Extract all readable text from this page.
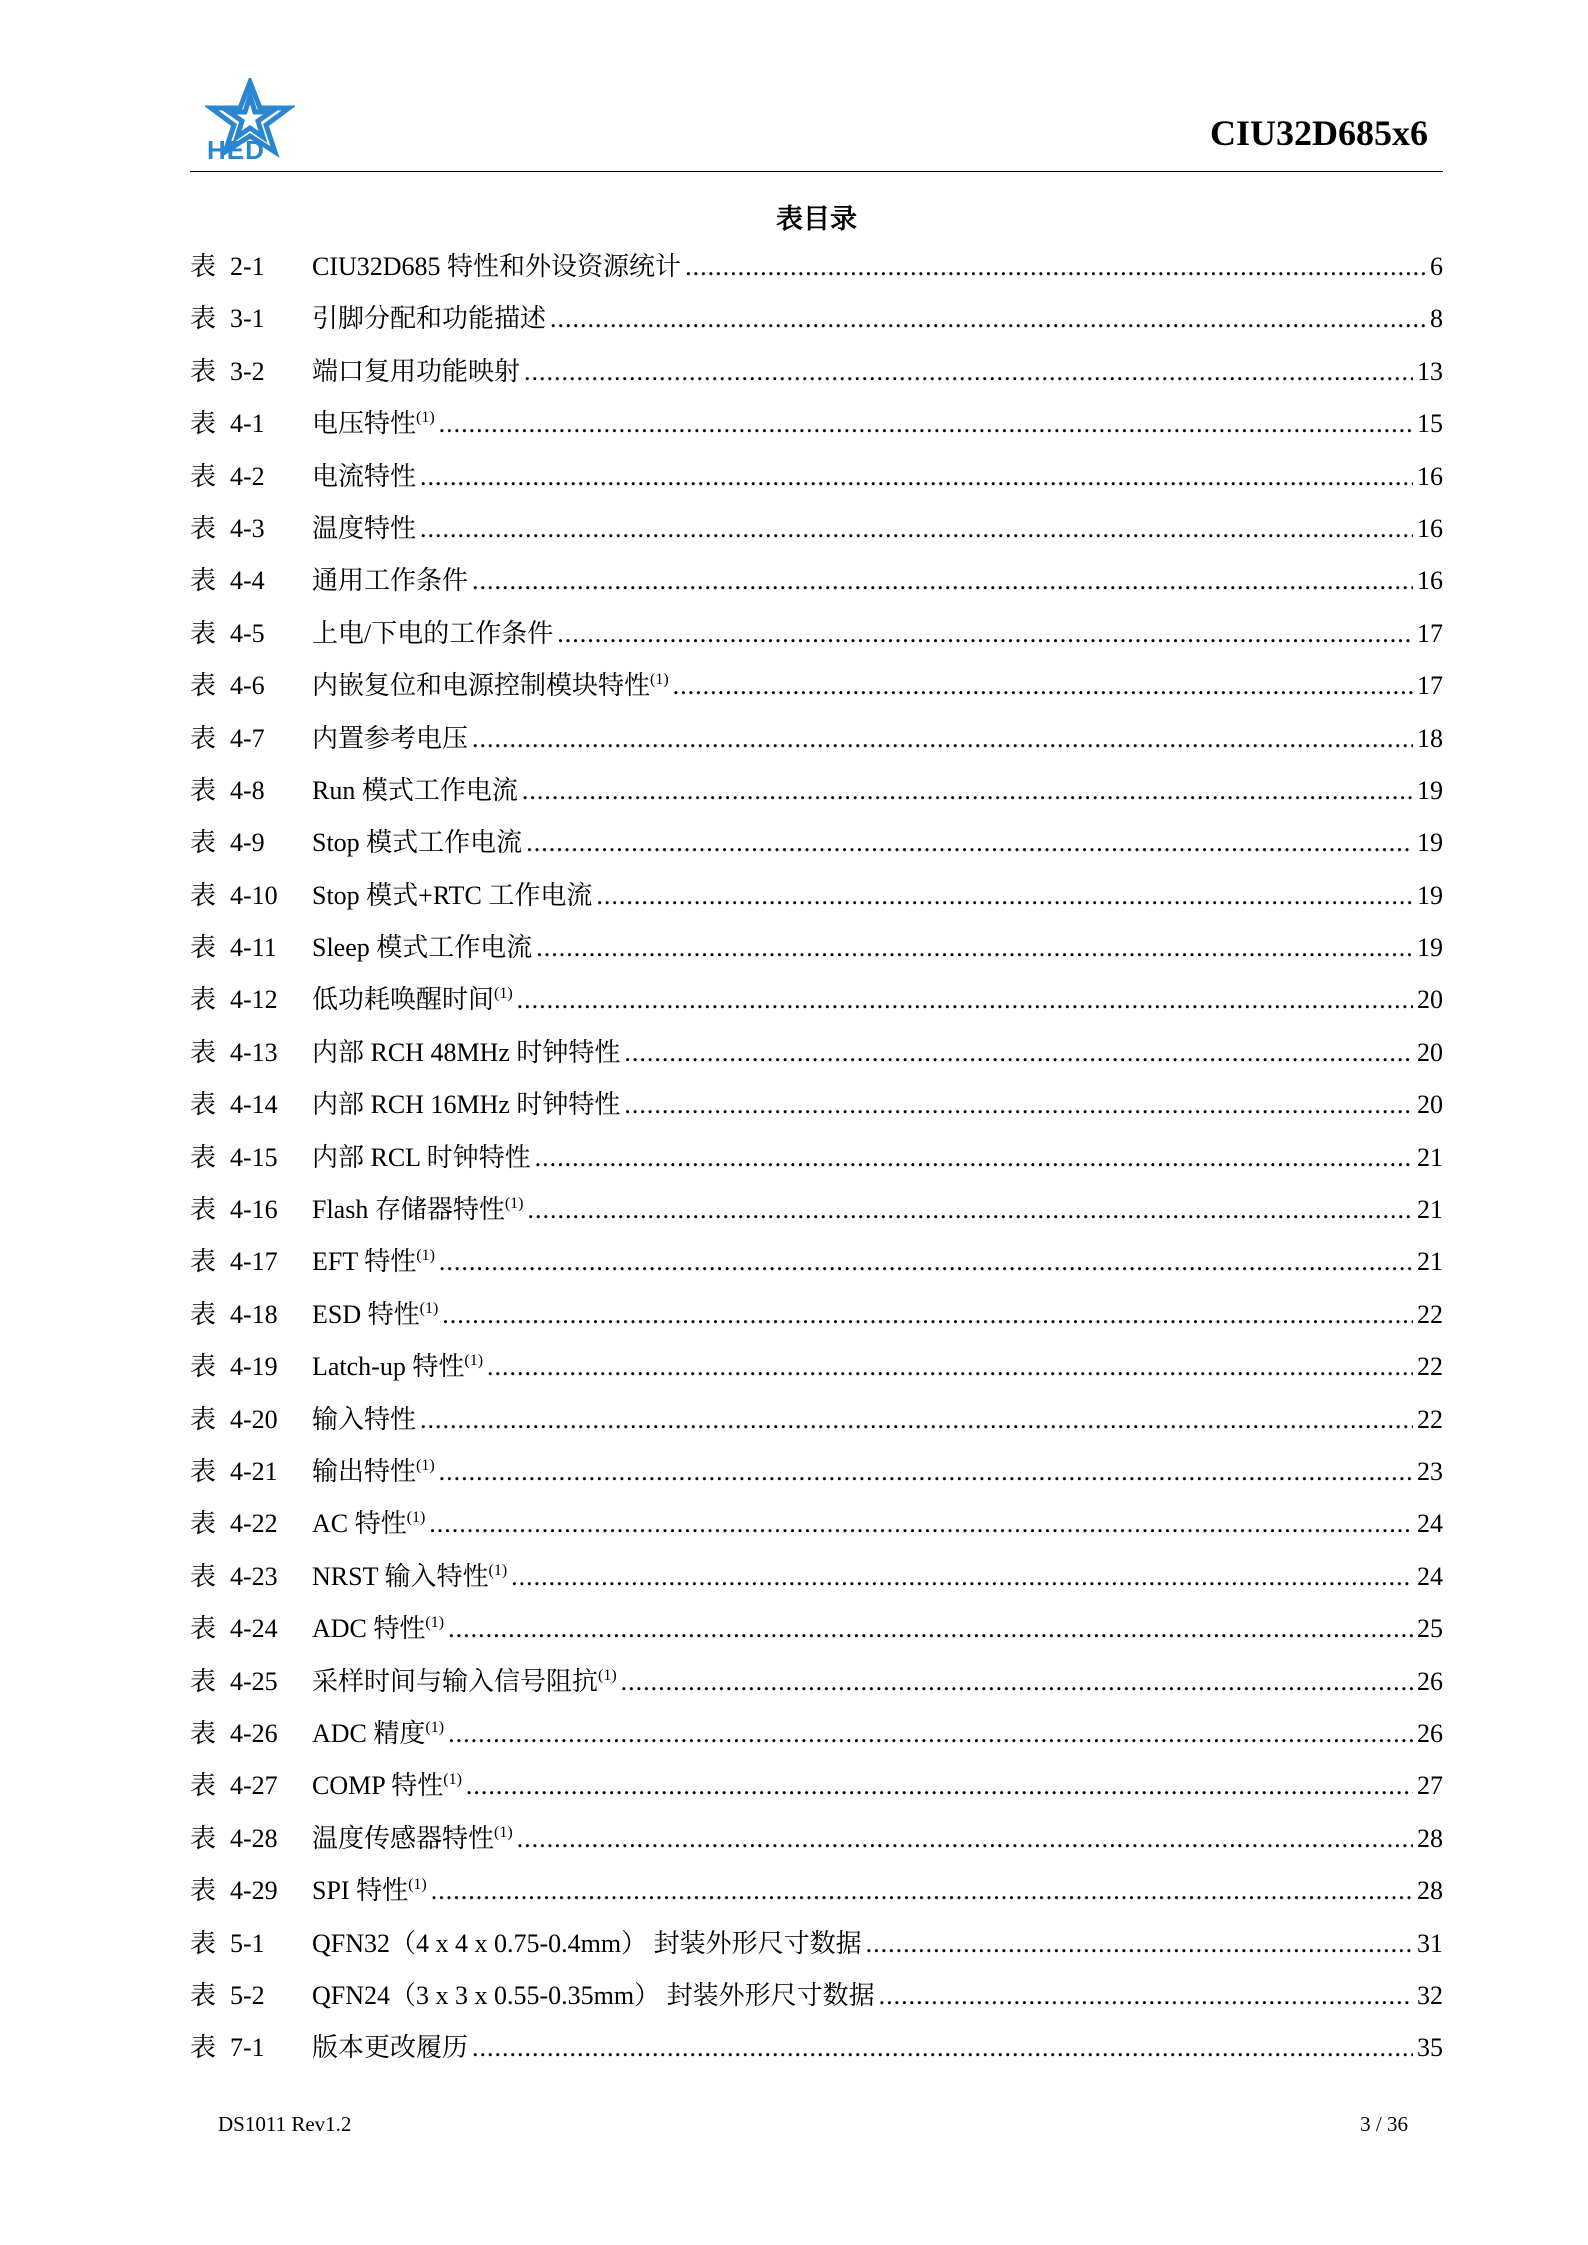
HED	CIU32D685x6
表目录
表 2-1	CIU32D685 特性和外设资源统计 .....	6
表 3-1	引脚分配和功能描述 .....	8
表 3-2	端口复用功能映射 .....	13
表 4-1	电压特性$^{(1)}$ .....	15
表 4-2	电流特性 .....	16
表 4-3	温度特性 .....	16
表 4-4	通用工作条件 .....	16
表 4-5	上电/下电的工作条件 .....	17
表 4-6	内嵌复位和电源控制模块特性$^{(1)}$ .....	17
表 4-7	内置参考电压 .....	18
表 4-8	Run 模式工作电流 .....	19
表 4-9	Stop 模式工作电流 .....	19
表 4-10	Stop 模式+RTC 工作电流 .....	19
表 4-11	Sleep 模式工作电流 .....	19
表 4-12	低功耗唤醒时间$^{(1)}$ .....	20
表 4-13	内部 RCH 48MHz 时钟特性 .....	20
表 4-14	内部 RCH 16MHz 时钟特性 .....	20
表 4-15	内部 RCL 时钟特性 .....	21
表 4-16	Flash 存储器特性$^{(1)}$ .....	21
表 4-17	EFT 特性$^{(1)}$ .....	21
表 4-18	ESD 特性$^{(1)}$ .....	22
表 4-19	Latch-up 特性$^{(1)}$ .....	22
表 4-20	输入特性 .....	22
表 4-21	输出特性$^{(1)}$ .....	23
表 4-22	AC 特性$^{(1)}$ .....	24
表 4-23	NRST 输入特性$^{(1)}$ .....	24
表 4-24	ADC 特性$^{(1)}$ .....	25
表 4-25	采样时间与输入信号阻抗$^{(1)}$ .....	26
表 4-26	ADC 精度$^{(1)}$ .....	26
表 4-27	COMP 特性$^{(1)}$ .....	27
表 4-28	温度传感器特性$^{(1)}$ .....	28
表 4-29	SPI 特性$^{(1)}$ .....	28
表 5-1	QFN32（4 x 4 x 0.75-0.4mm） 封装外形尺寸数据 .....	31
表 5-2	QFN24（3 x 3 x 0.55-0.35mm） 封装外形尺寸数据 .....	32
表 7-1	版本更改履历 .....	35
DS1011 Rev1.2	3 / 36
